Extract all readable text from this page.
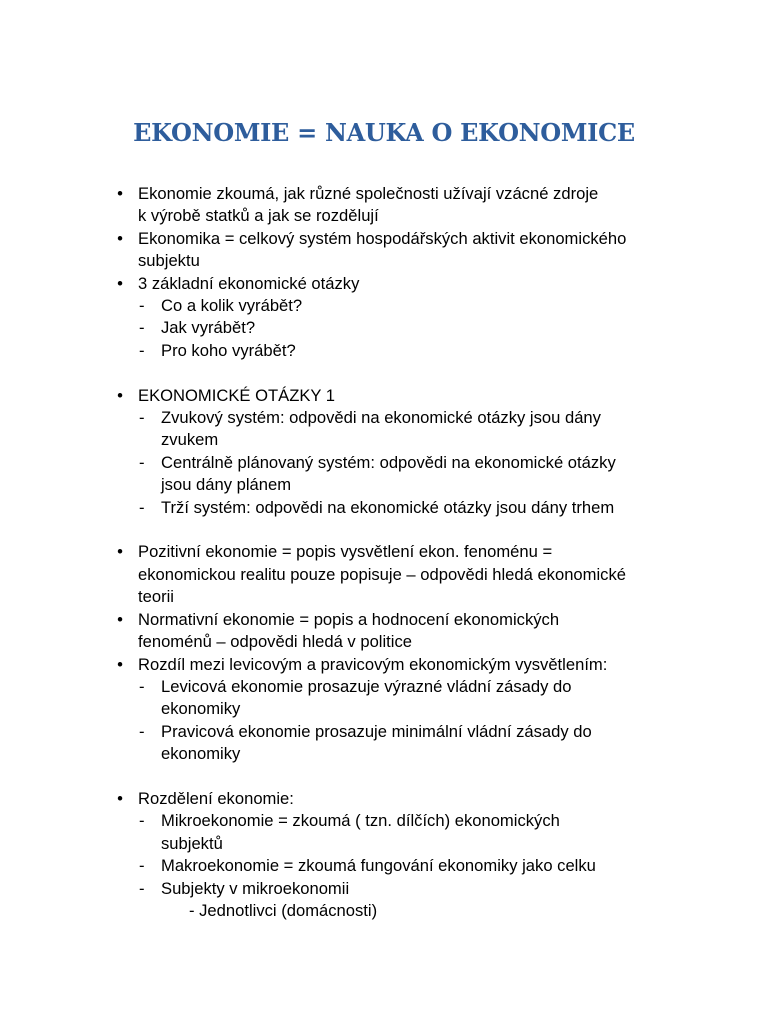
EKONOMIE = NAUKA O EKONOMICE
• Ekonomie zkoumá, jak různé společnosti užívají vzácné zdroje
k výrobě statků a jak se rozdělují
• Ekonomika = celkový systém hospodářských aktivit ekonomického
subjektu
• 3 základní ekonomické otázky
- Co a kolik vyrábět?
- Jak vyrábět?
- Pro koho vyrábět?
• EKONOMICKÉ OTÁZKY 1
- Zvukový systém: odpovědi na ekonomické otázky jsou dány
zvukem
- Centrálně plánovaný systém: odpovědi na ekonomické otázky
jsou dány plánem
- Trží systém: odpovědi na ekonomické otázky jsou dány trhem
• Pozitivní ekonomie = popis vysvětlení ekon. fenoménu =
ekonomickou realitu pouze popisuje – odpovědi hledá ekonomické
teorii
• Normativní ekonomie = popis a hodnocení ekonomických
fenoménů – odpovědi hledá v politice
• Rozdíl mezi levicovým a pravicovým ekonomickým vysvětlením:
- Levicová ekonomie prosazuje výrazné vládní zásady do
ekonomiky
- Pravicová ekonomie prosazuje minimální vládní zásady do
ekonomiky
• Rozdělení ekonomie:
- Mikroekonomie = zkoumá ( tzn. dílčích) ekonomických
subjektů
- Makroekonomie = zkoumá fungování ekonomiky jako celku
- Subjekty v mikroekonomii
- Jednotlivci (domácnosti)
